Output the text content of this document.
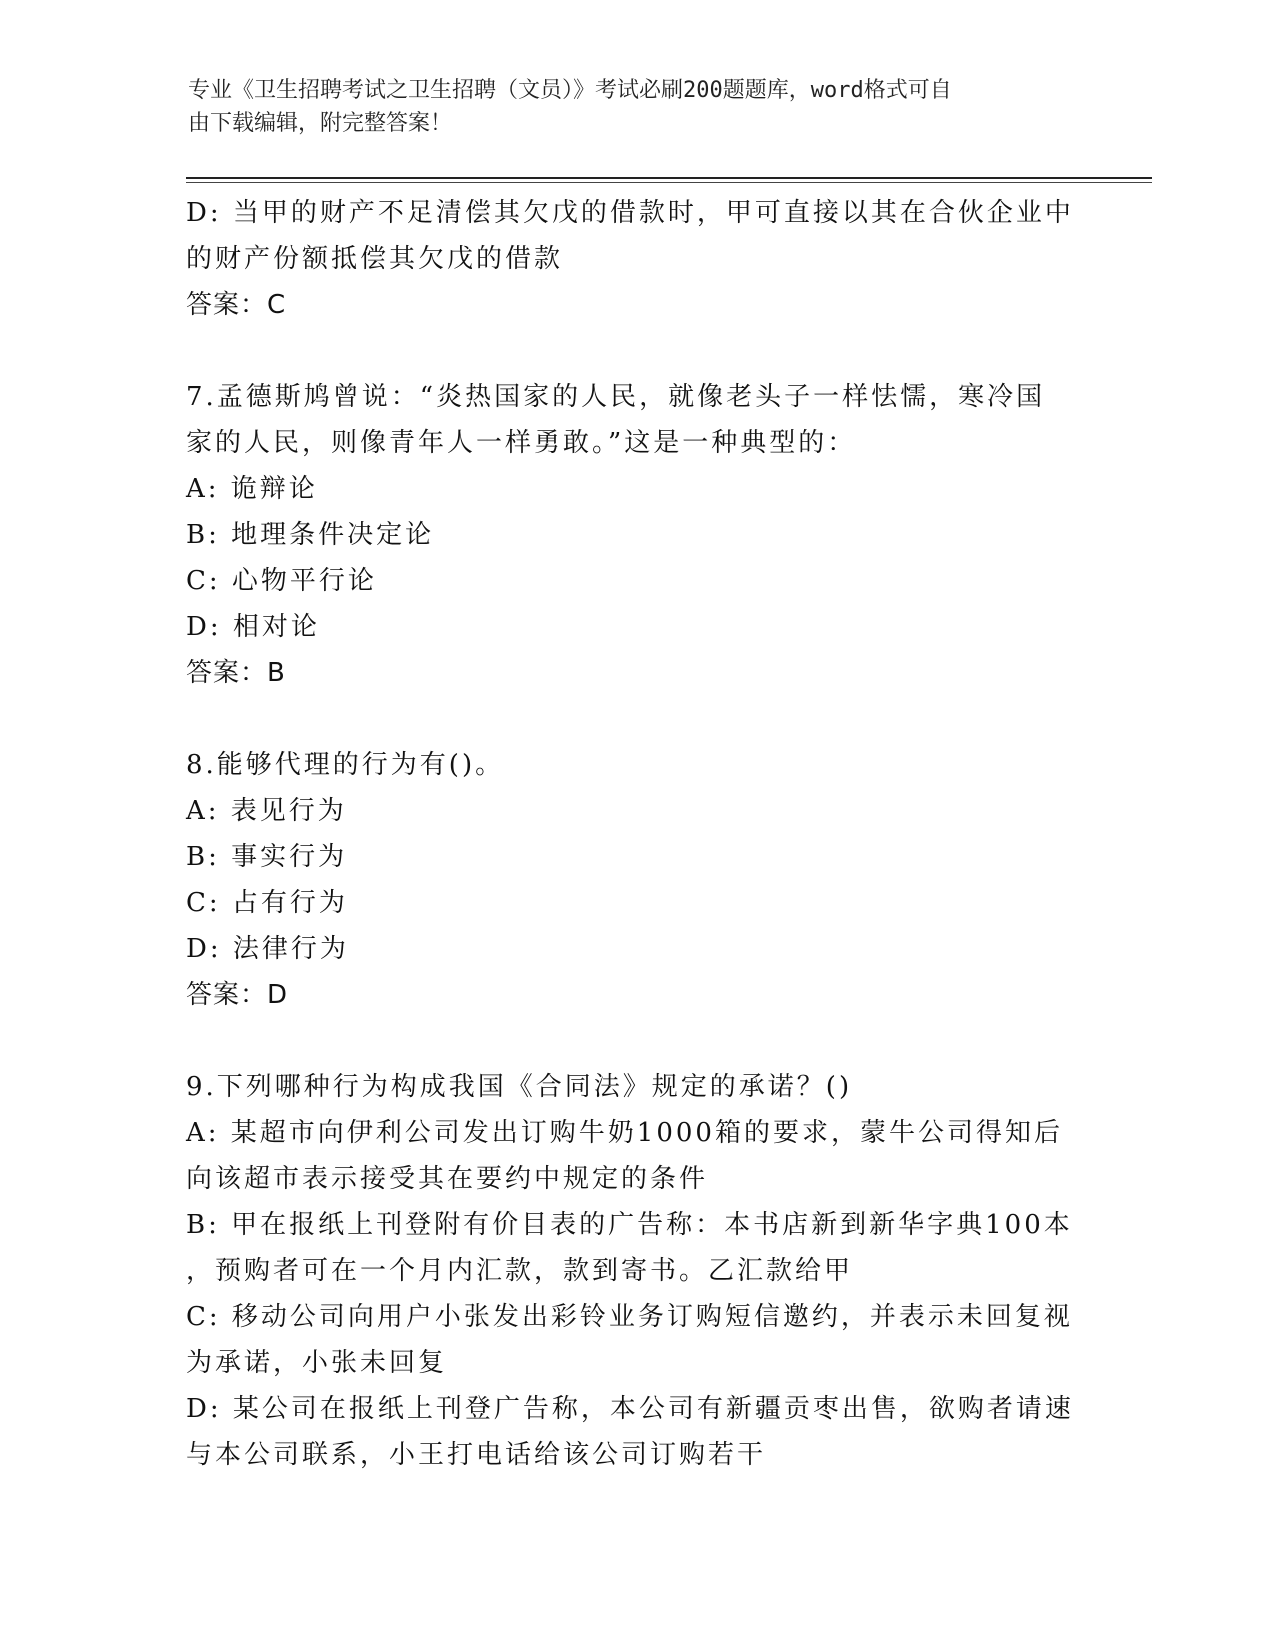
专业《卫生招聘考试之卫生招聘（文员）》考试必刷200题题库，word格式可自
由下载编辑，附完整答案！
D: 当甲的财产不足清偿其欠戊的借款时，甲可直接以其在合伙企业中
的财产份额抵偿其欠戊的借款
答案：C
7.孟德斯鸠曾说：“炎热国家的人民，就像老头子一样怯懦，寒冷国
家的人民，则像青年人一样勇敢。”这是一种典型的：
A: 诡辩论
B: 地理条件决定论
C: 心物平行论
D: 相对论
答案：B
8.能够代理的行为有()。
A: 表见行为
B: 事实行为
C: 占有行为
D: 法律行为
答案：D
9.下列哪种行为构成我国《合同法》规定的承诺？()
A: 某超市向伊利公司发出订购牛奶1000箱的要求，蒙牛公司得知后
向该超市表示接受其在要约中规定的条件
B: 甲在报纸上刊登附有价目表的广告称：本书店新到新华字典100本
，预购者可在一个月内汇款，款到寄书。乙汇款给甲
C: 移动公司向用户小张发出彩铃业务订购短信邀约，并表示未回复视
为承诺，小张未回复
D: 某公司在报纸上刊登广告称，本公司有新疆贡枣出售，欲购者请速
与本公司联系，小王打电话给该公司订购若干
